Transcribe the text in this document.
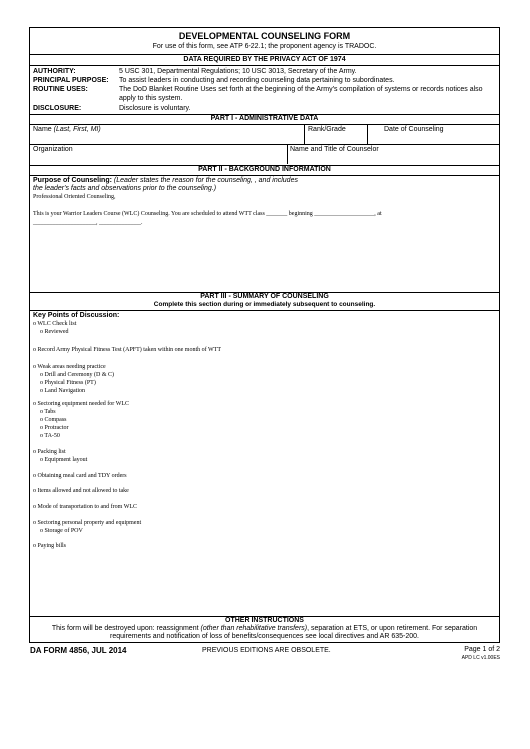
DEVELOPMENTAL COUNSELING FORM
For use of this form, see ATP 6-22.1; the proponent agency is TRADOC.
DATA REQUIRED BY THE PRIVACY ACT OF 1974
AUTHORITY:	5 USC 301, Departmental Regulations; 10 USC 3013, Secretary of the Army.
PRINCIPAL PURPOSE: To assist leaders in conducting and recording counseling data pertaining to subordinates.
ROUTINE USES:	The DoD Blanket Routine Uses set forth at the beginning of the Army's compilation of systems or records notices also apply to this system.
DISCLOSURE:	Disclosure is voluntary.
PART I - ADMINISTRATIVE DATA
Name (Last, First, MI)	Rank/Grade	Date of Counseling
Organization	Name and Title of Counselor
PART II - BACKGROUND INFORMATION
Purpose of Counseling: (Leader states the reason for the counseling, , and includes
the leader's facts and observations prior to the counseling.)
Professional Oriented Counseling,
This is your Warrior Leaders Course (WLC) Counseling. You are scheduled to attend WTT class _______ beginning ____________________, at
_____________________, ______________.
PART III - SUMMARY OF COUNSELING
Complete this section during or immediately subsequent to counseling.
Key Points of Discussion:
o WLC Check list
o Reviewed
o Record Army Physical Fitness Test (APFT) taken within one month of WTT
o Weak areas needing practice
o Drill and Ceremony (D & C)
o Physical Fitness (PT)
o Land Navigation
o Sectoring equipment needed for WLC
o Tabs
o Compass
o Protractor
o TA-50
o Packing list
o Equipment layout
o Obtaining meal card and TDY orders
o Items allowed and not allowed to take
o Mode of transportation to and from WLC
o Sectoring personal property and equipment
o Storage of POV
o Paying bills
OTHER INSTRUCTIONS
This form will be destroyed upon: reassignment (other than rehabilitative transfers), separation at ETS, or upon retirement. For separation
requirements and notification of loss of benefits/consequences see local directives and AR 635-200.
DA FORM 4856, JUL 2014	PREVIOUS EDITIONS ARE OBSOLETE.	Page 1 of 2
APD LC v1.00ES
